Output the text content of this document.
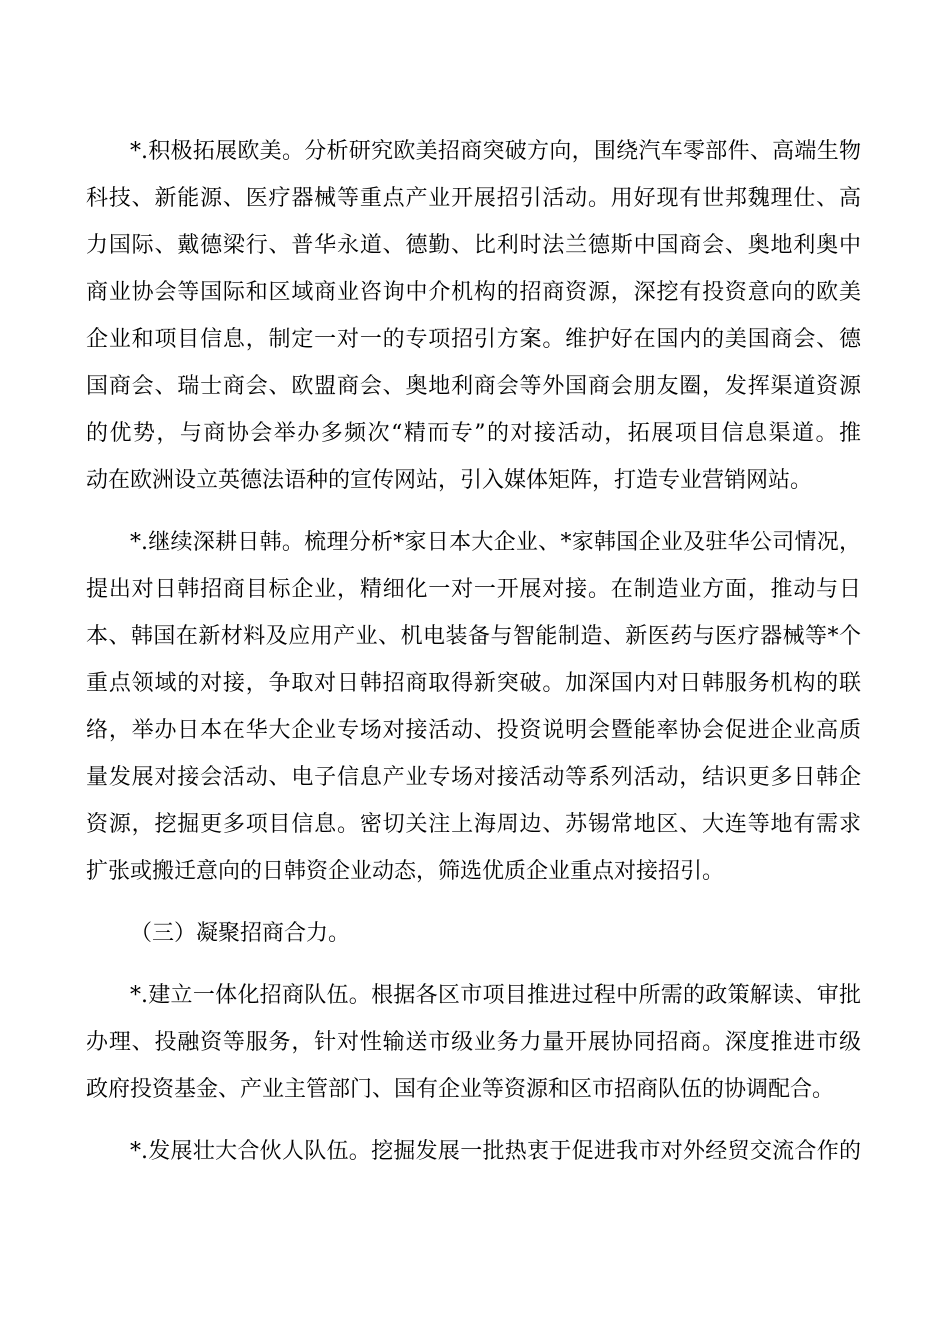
*.积极拓展欧美。分析研究欧美招商突破方向，围绕汽车零部件、高端生物
科技、新能源、医疗器械等重点产业开展招引活动。用好现有世邦魏理仕、高
力国际、戴德梁行、普华永道、德勤、比利时法兰德斯中国商会、奥地利奥中
商业协会等国际和区域商业咨询中介机构的招商资源，深挖有投资意向的欧美
企业和项目信息，制定一对一的专项招引方案。维护好在国内的美国商会、德
国商会、瑞士商会、欧盟商会、奥地利商会等外国商会朋友圈，发挥渠道资源
的优势，与商协会举办多频次“精而专”的对接活动，拓展项目信息渠道。推
动在欧洲设立英德法语种的宣传网站，引入媒体矩阵，打造专业营销网站。
*.继续深耕日韩。梳理分析*家日本大企业、*家韩国企业及驻华公司情况，
提出对日韩招商目标企业，精细化一对一开展对接。在制造业方面，推动与日
本、韩国在新材料及应用产业、机电装备与智能制造、新医药与医疗器械等*个
重点领域的对接，争取对日韩招商取得新突破。加深国内对日韩服务机构的联
络，举办日本在华大企业专场对接活动、投资说明会暨能率协会促进企业高质
量发展对接会活动、电子信息产业专场对接活动等系列活动，结识更多日韩企
资源，挖掘更多项目信息。密切关注上海周边、苏锡常地区、大连等地有需求
扩张或搬迁意向的日韩资企业动态，筛选优质企业重点对接招引。
（三）凝聚招商合力。
*.建立一体化招商队伍。根据各区市项目推进过程中所需的政策解读、审批
办理、投融资等服务，针对性输送市级业务力量开展协同招商。深度推进市级
政府投资基金、产业主管部门、国有企业等资源和区市招商队伍的协调配合。
*.发展壮大合伙人队伍。挖掘发展一批热衷于促进我市对外经贸交流合作的
